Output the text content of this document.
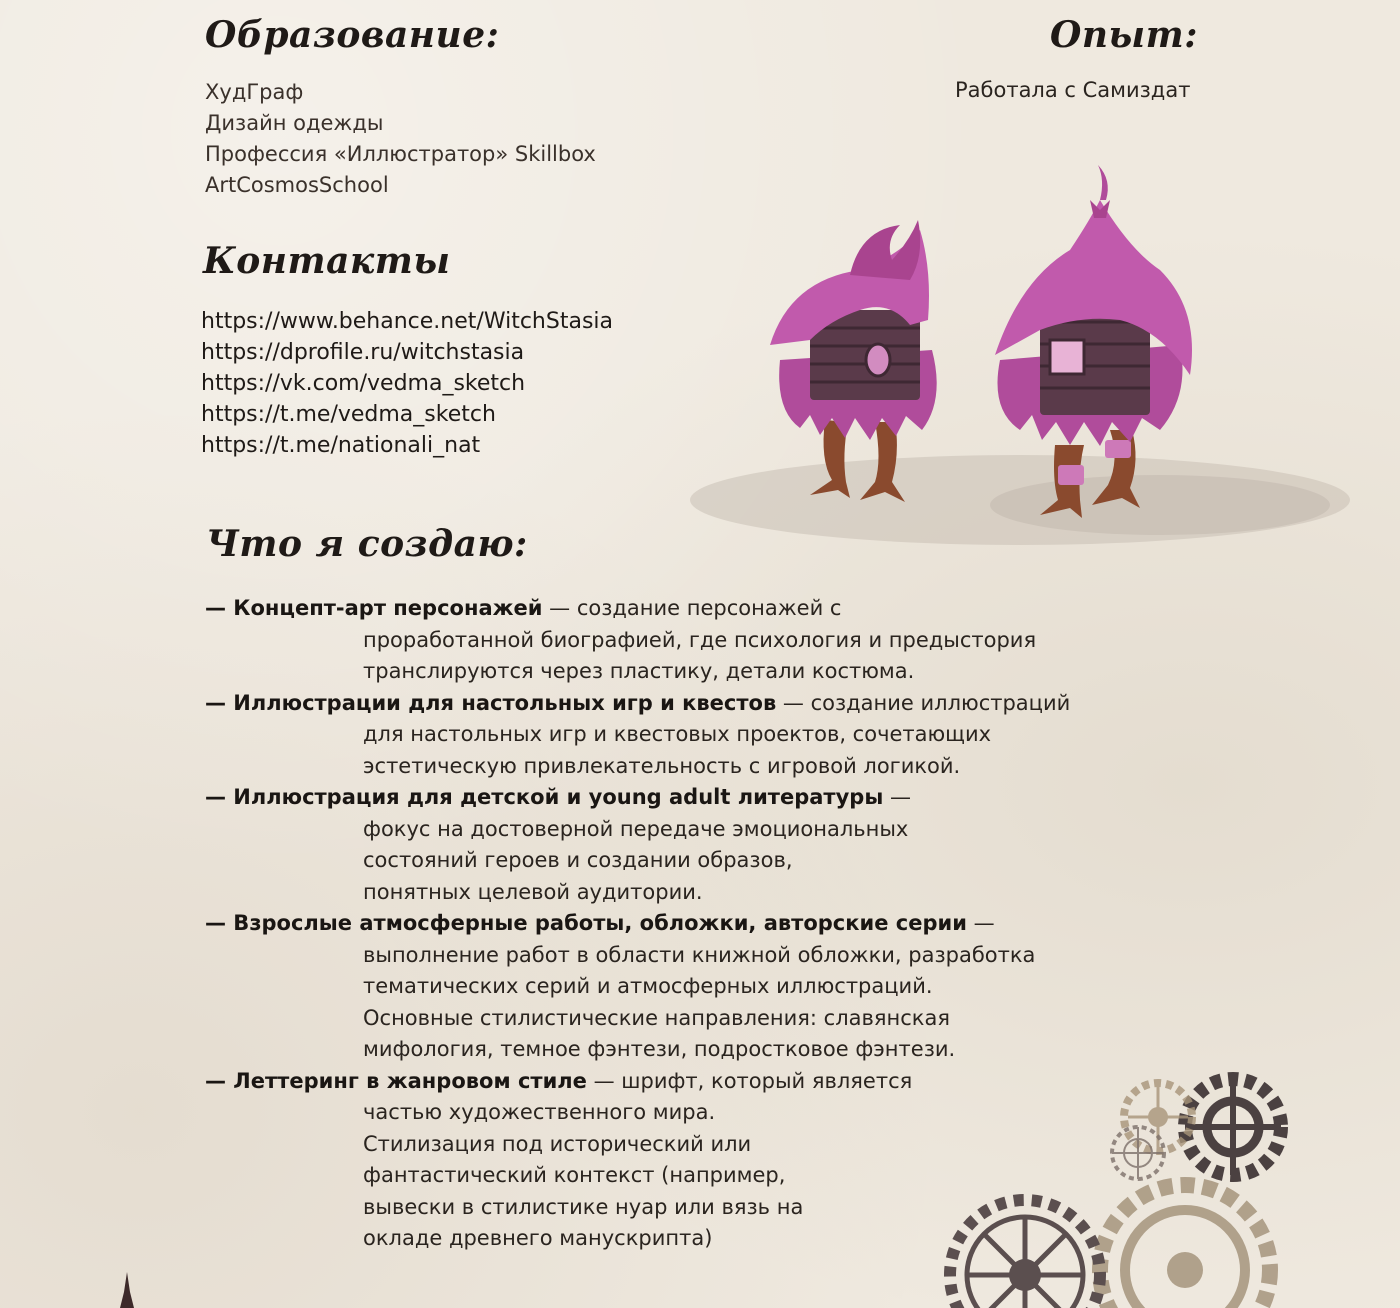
Образование:
ХудГраф
Дизайн одежды
Профессия «Иллюстратор» Skillbox
ArtCosmosSchool
Опыт:
Работала с Самиздат
Контакты
https://www.behance.net/WitchStasia
https://dprofile.ru/witchstasia
https://vk.com/vedma_sketch
https://t.me/vedma_sketch
https://t.me/nationali_nat
Что я создаю:
— Концепт-арт персонажей — создание персонажей с
проработанной биографией, где психология и предыстория
транслируются через пластику, детали костюма.
— Иллюстрации для настольных игр и квестов — создание иллюстраций
для настольных игр и квестовых проектов, сочетающих
эстетическую привлекательность с игровой логикой.
— Иллюстрация для детской и young adult литературы —
фокус на достоверной передаче эмоциональных
состояний героев и создании образов,
понятных целевой аудитории.
— Взрослые атмосферные работы, обложки, авторские серии —
выполнение работ в области книжной обложки, разработка
тематических серий и атмосферных иллюстраций.
Основные стилистические направления: славянская
мифология, темное фэнтези, подростковое фэнтези.
— Леттеринг в жанровом стиле — шрифт, который является
частью художественного мира.
Стилизация под исторический или
фантастический контекст (например,
вывески в стилистике нуар или вязь на
окладе древнего манускрипта)
